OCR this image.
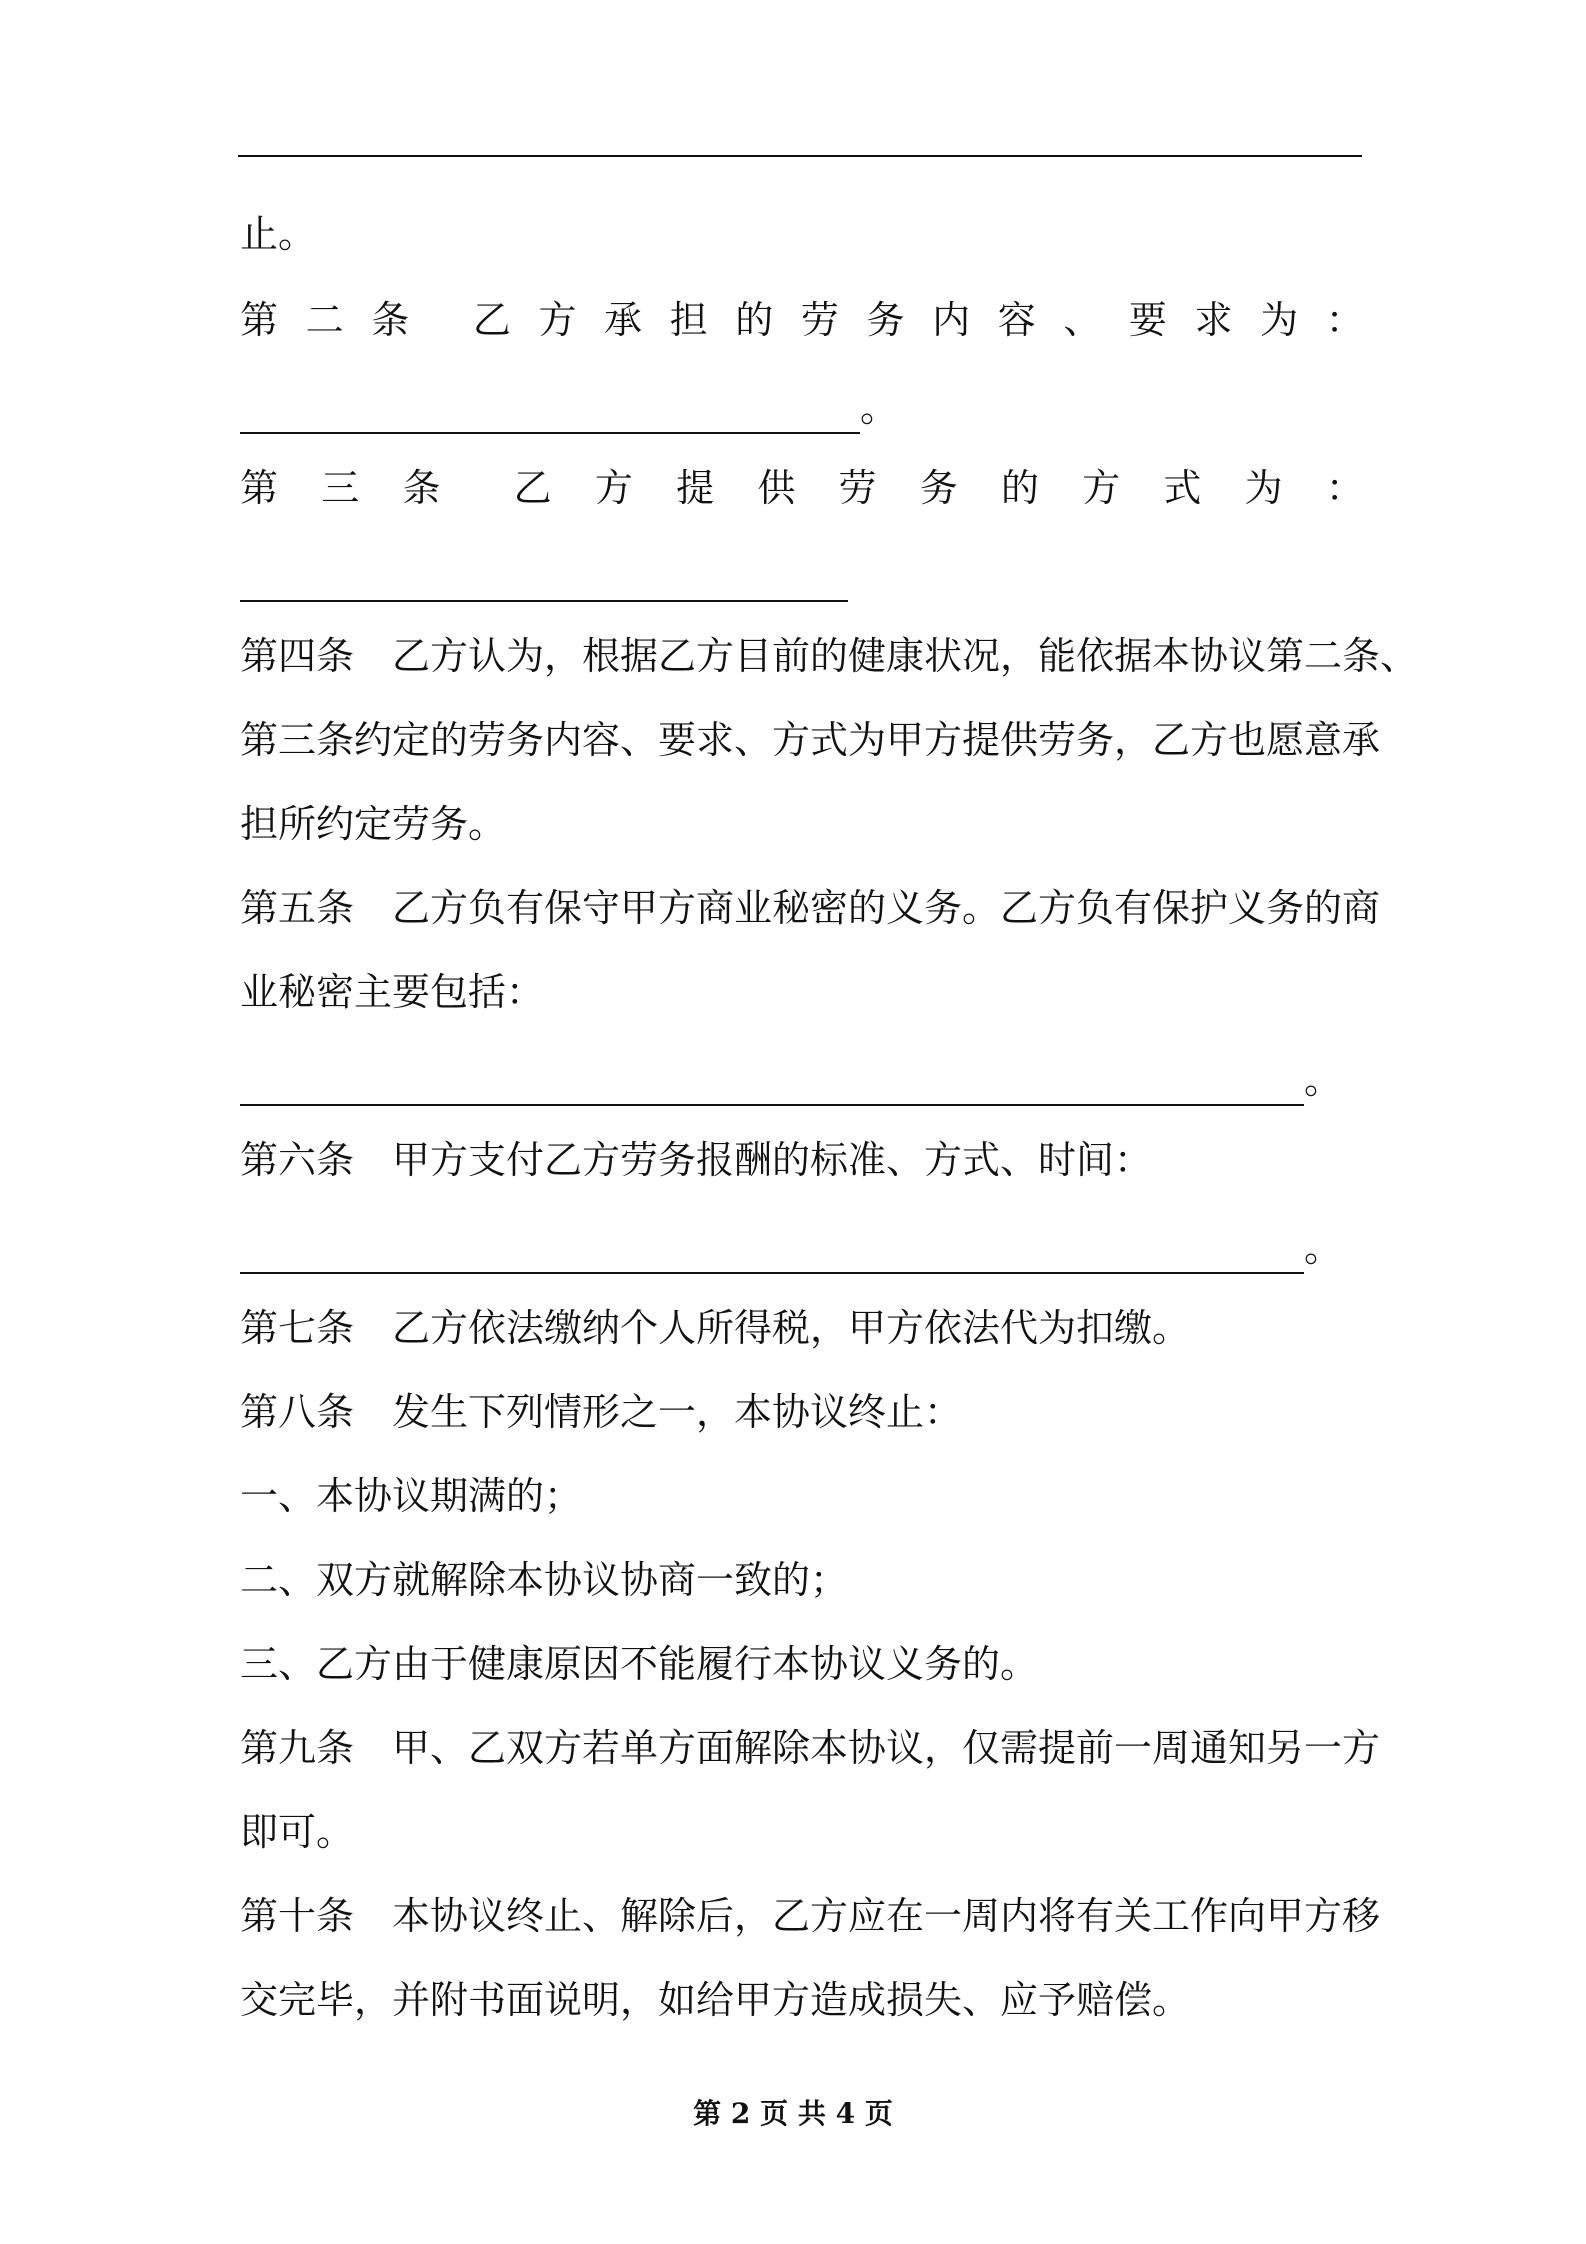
止。
第 二 条 乙 方 承 担 的 劳 务 内 容 、 要 求 为 ：
。
第 三 条 乙 方 提 供 劳 务 的 方 式 为 ：
第四条　乙方认为，根据乙方目前的健康状况，能依据本协议第二条、
第三条约定的劳务内容、要求、方式为甲方提供劳务，乙方也愿意承
担所约定劳务。
第五条　乙方负有保守甲方商业秘密的义务。乙方负有保护义务的商
业秘密主要包括：
。
第六条　甲方支付乙方劳务报酬的标准、方式、时间：
。
第七条　乙方依法缴纳个人所得税，甲方依法代为扣缴。
第八条　发生下列情形之一，本协议终止：
一、本协议期满的；
二、双方就解除本协议协商一致的；
三、乙方由于健康原因不能履行本协议义务的。
第九条　甲、乙双方若单方面解除本协议，仅需提前一周通知另一方
即可。
第十条　本协议终止、解除后，乙方应在一周内将有关工作向甲方移
交完毕，并附书面说明，如给甲方造成损失、应予赔偿。
第 2 页 共 4 页
